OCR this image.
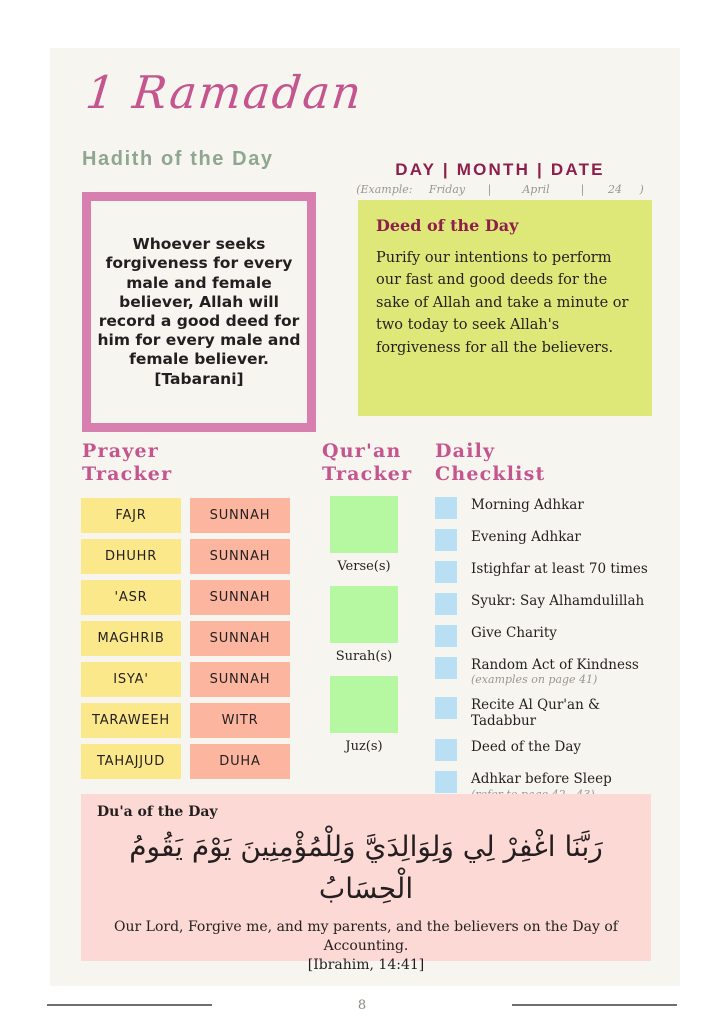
1 Ramadan
Hadith of the Day	DAY | MONTH | DATE
(Example: Friday |	April	| 24 )
Whoever seeks forgiveness for every male and female believer, Allah will record a good deed for him for every male and female believer. [Tabarani]
Deed of the Day
Purify our intentions to perform our fast and good deeds for the sake of Allah and take a minute or two today to seek Allah's forgiveness for all the believers.
Prayer
Tracker
Qur'an
Tracker
Daily
Checklist
FAJR	SUNNAH
DHUHR	SUNNAH
'ASR	SUNNAH
MAGHRIB	SUNNAH
ISYA'	SUNNAH
TARAWEEH	WITR
TAHAJJUD	DUHA
Verse(s)
Surah(s)
Juz(s)
Morning Adhkar
Evening Adhkar
Istighfar at least 70 times
Syukr: Say Alhamdulillah
Give Charity
Random Act of Kindness
(examples on page 41)
Recite Al Qur'an & Tadabbur
Deed of the Day
Adhkar before Sleep
Du'a of the Day
رَبَّنَا اغْفِرْ لِي وَلِوَالِدَيَّ وَلِلْمُؤْمِنِينَ يَوْمَ يَقُومُ الْحِسَابُ
Our Lord, Forgive me, and my parents, and the believers on the Day of Accounting.
[Ibrahim, 14:41]
8
